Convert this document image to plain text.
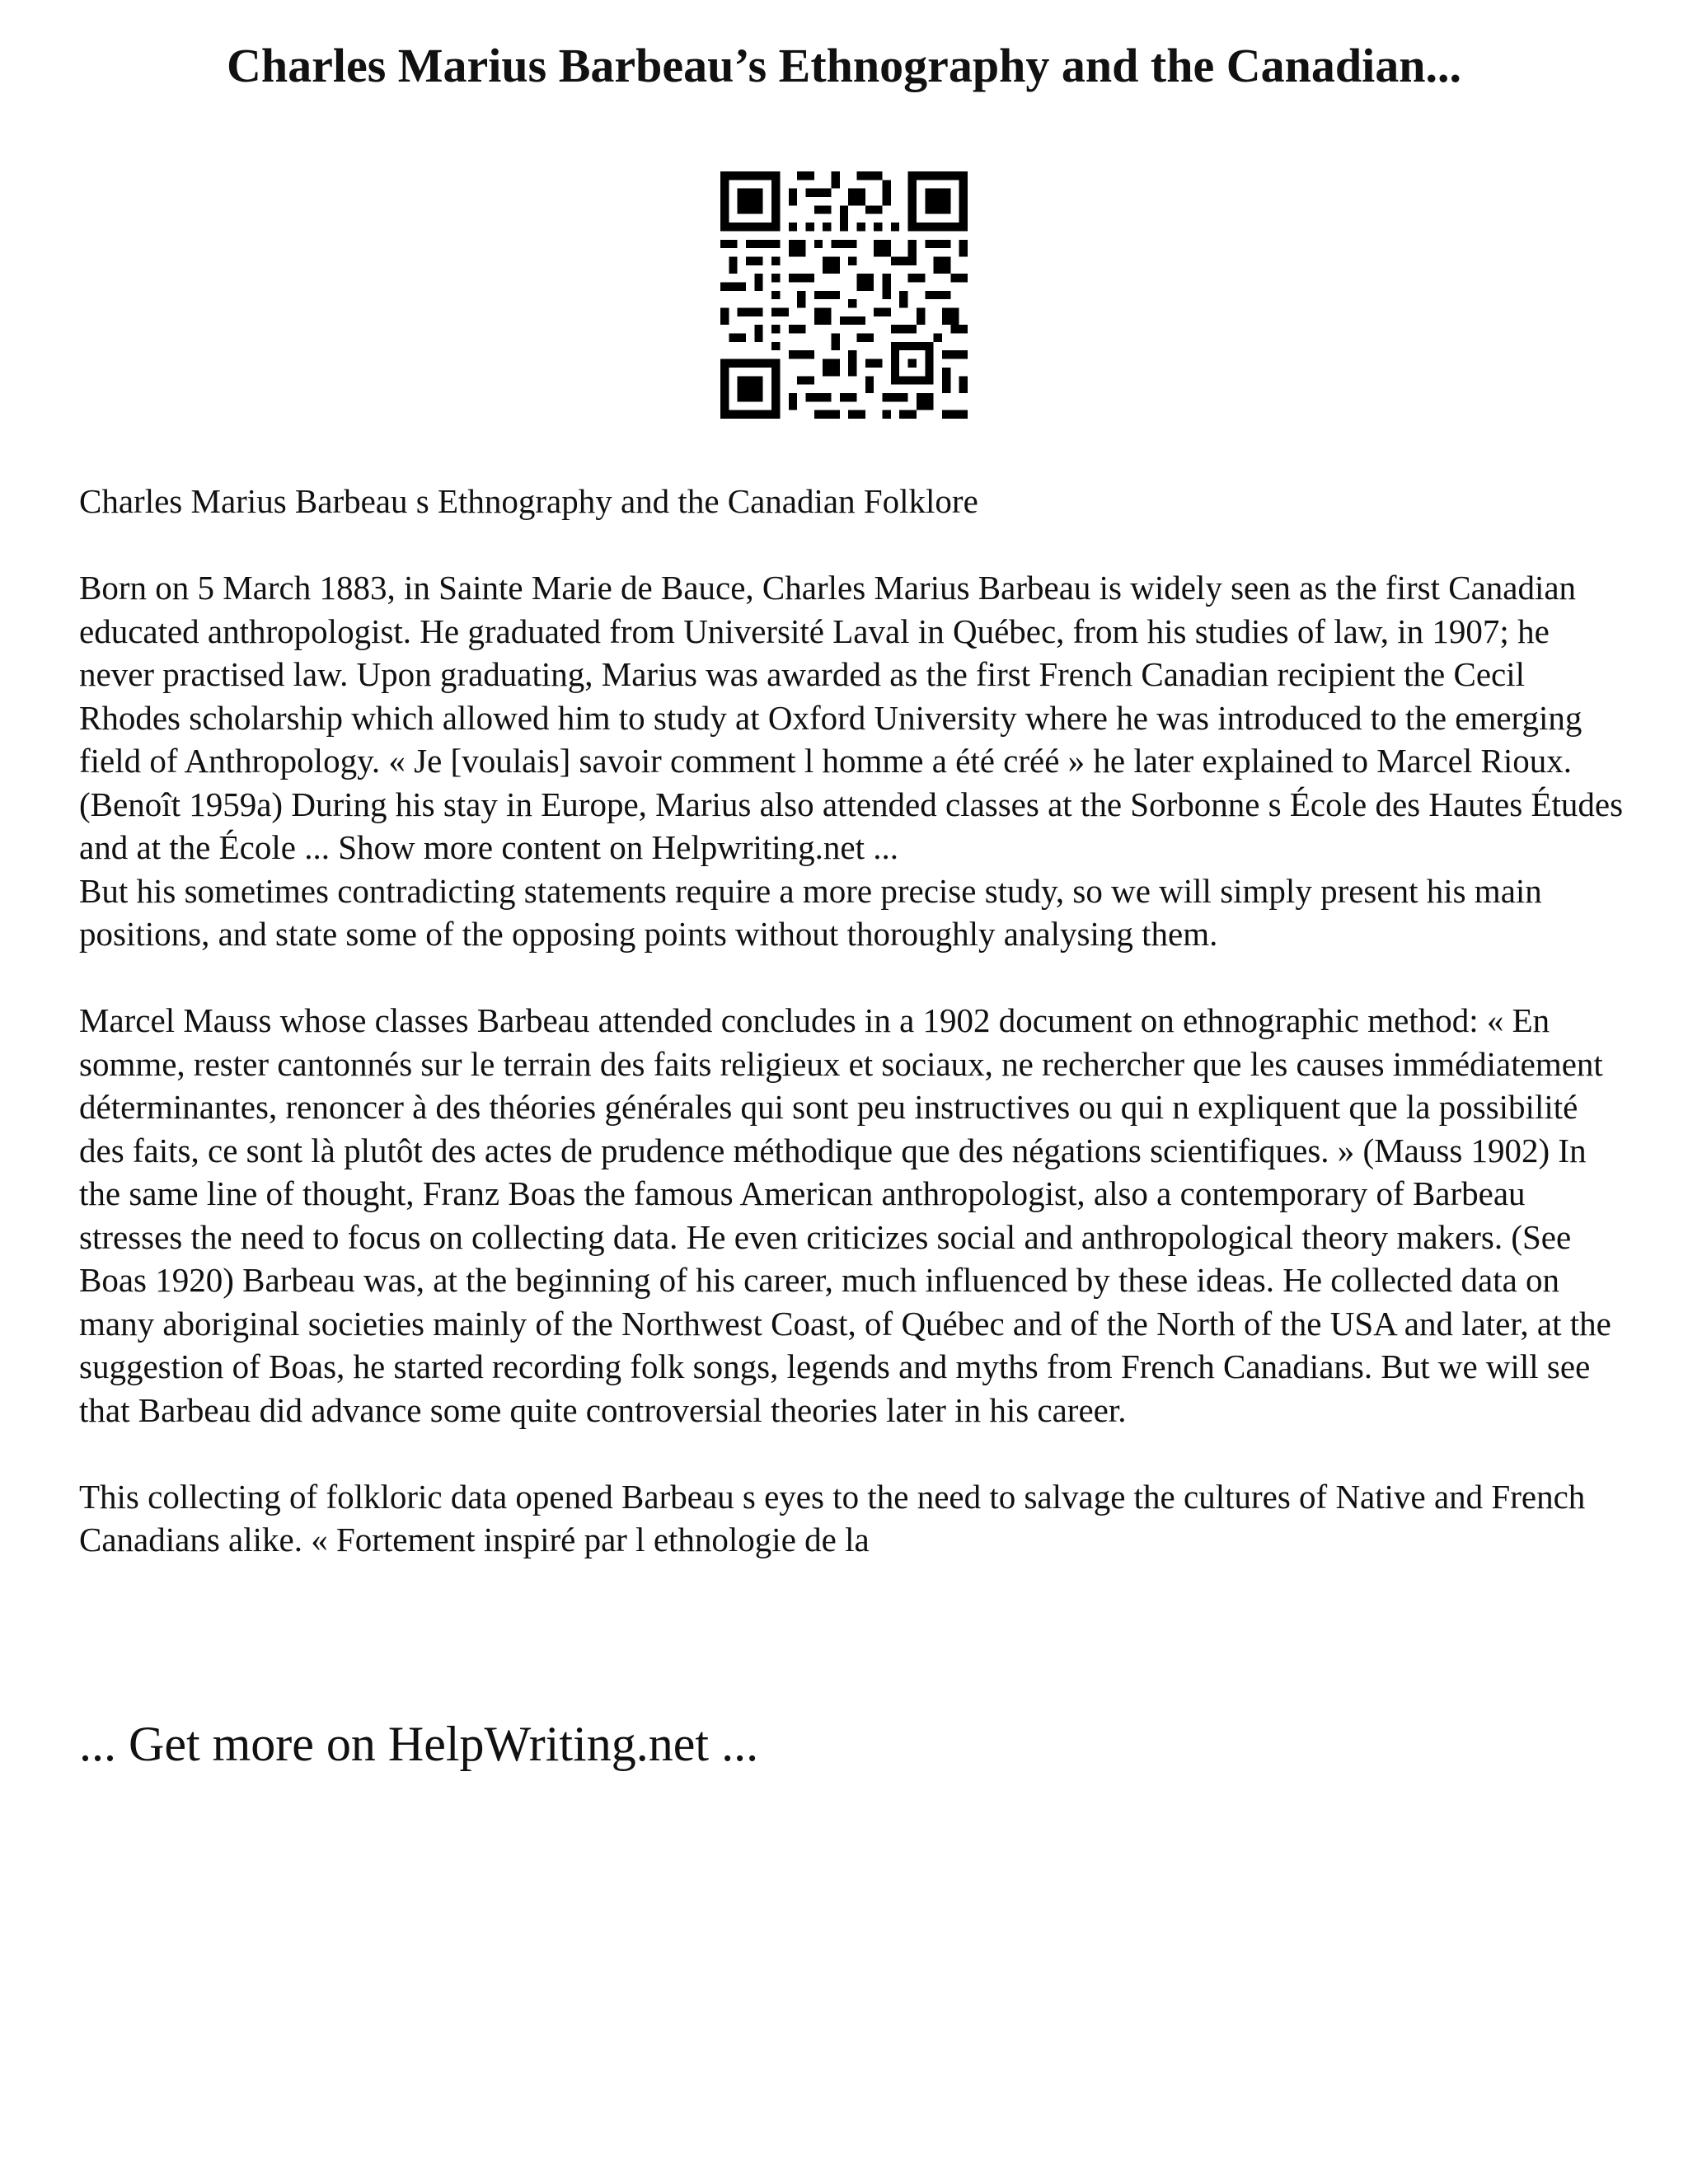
Charles Marius Barbeau’s Ethnography and the Canadian...

Charles Marius Barbeau s Ethnography and the Canadian Folklore

Born on 5 March 1883, in Sainte Marie de Bauce, Charles Marius Barbeau is widely seen as the first Canadian educated anthropologist. He graduated from Université Laval in Québec, from his studies of law, in 1907; he never practised law. Upon graduating, Marius was awarded as the first French Canadian recipient the Cecil Rhodes scholarship which allowed him to study at Oxford University where he was introduced to the emerging field of Anthropology. « Je [voulais] savoir comment l homme a été créé » he later explained to Marcel Rioux. (Benoît 1959a) During his stay in Europe, Marius also attended classes at the Sorbonne s École des Hautes Études and at the École ... Show more content on Helpwriting.net ...

But his sometimes contradicting statements require a more precise study, so we will simply present his main positions, and state some of the opposing points without thoroughly analysing them.

Marcel Mauss whose classes Barbeau attended concludes in a 1902 document on ethnographic method: « En somme, rester cantonnés sur le terrain des faits religieux et sociaux, ne rechercher que les causes immédiatement déterminantes, renoncer à des théories générales qui sont peu instructives ou qui n expliquent que la possibilité des faits, ce sont là plutôt des actes de prudence méthodique que des négations scientifiques. » (Mauss 1902) In the same line of thought, Franz Boas the famous American anthropologist, also a contemporary of Barbeau stresses the need to focus on collecting data. He even criticizes social and anthropological theory makers. (See Boas 1920) Barbeau was, at the beginning of his career, much influenced by these ideas. He collected data on many aboriginal societies mainly of the Northwest Coast, of Québec and of the North of the USA and later, at the suggestion of Boas, he started recording folk songs, legends and myths from French Canadians. But we will see that Barbeau did advance some quite controversial theories later in his career.

This collecting of folkloric data opened Barbeau s eyes to the need to salvage the cultures of Native and French Canadians alike. « Fortement inspiré par l ethnologie de la

... Get more on HelpWriting.net ...
